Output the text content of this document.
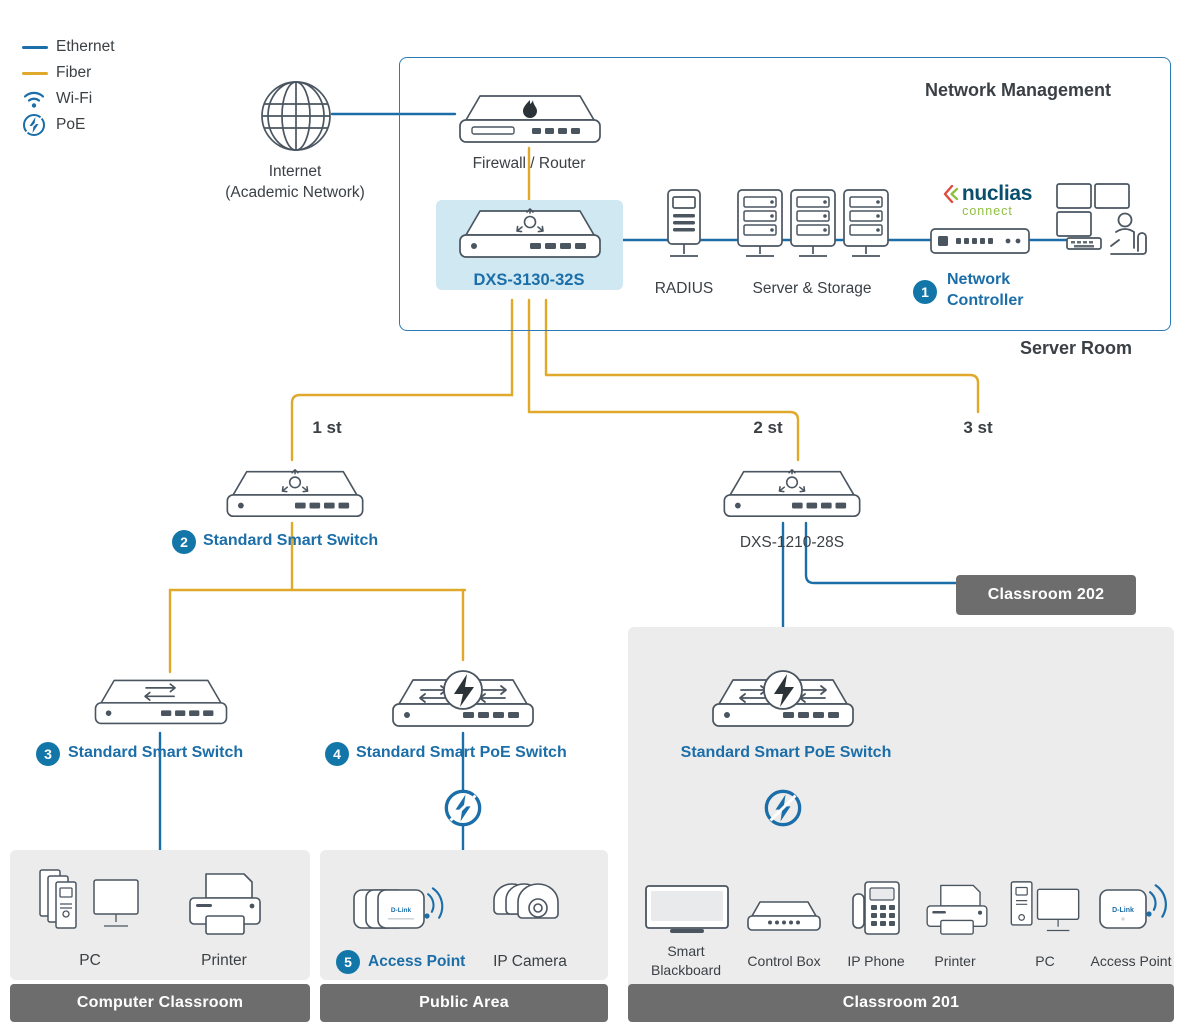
Ethernet
Fiber
Wi-Fi
PoE
Network Management
Server Room
Internet
(Academic Network)
Firewall / Router
DXS-3130-32S	RADIUS	Server & Storage
nuclias
connect
1
Network
Controller
1 st	2 st	3 st
2 Standard Smart Switch	DXS-1210-28S
Classroom 202
3	Standard Smart Switch	4 Standard Smart PoE Switch	Standard Smart PoE Switch
Computer Classroom
PC	Printer
Public Area
D-Link
5	Access Point IP Camera
Classroom 201
Smart
Blackboard
Control Box IP Phone Printer	PC
D-Link
Access Point
